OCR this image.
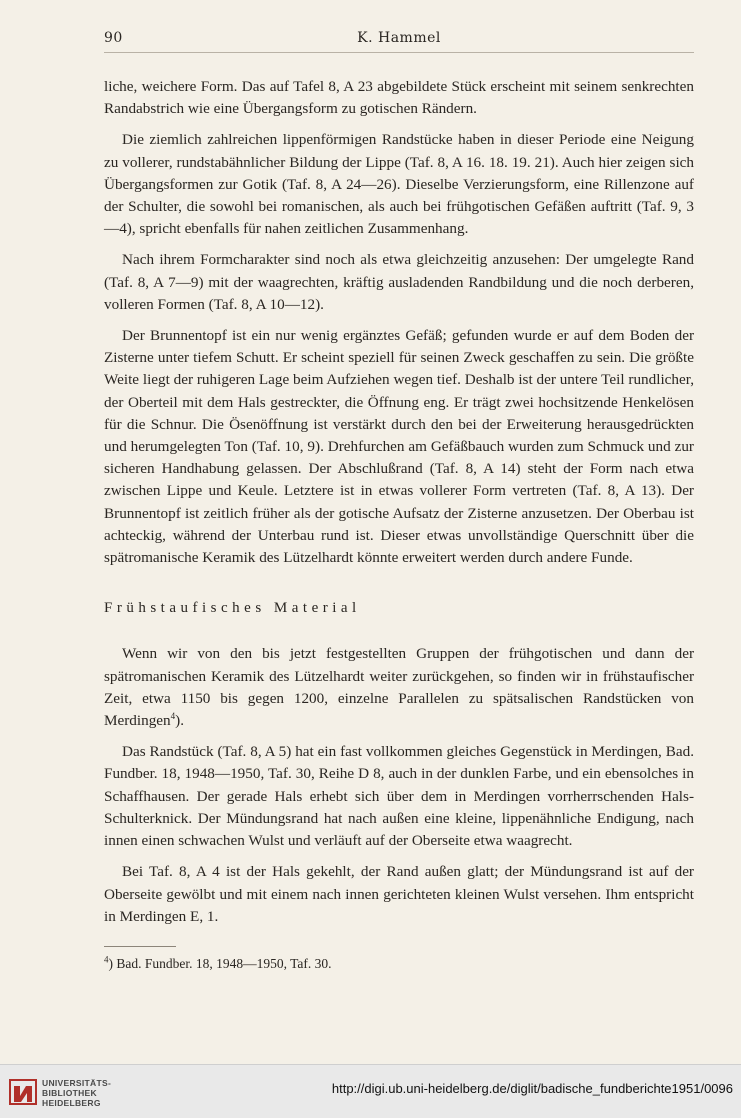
90	K. Hammel

liche, weichere Form. Das auf Tafel 8, A 23 abgebildete Stück erscheint mit seinem senkrechten Randabstrich wie eine Übergangsform zu gotischen Rändern.

Die ziemlich zahlreichen lippenförmigen Randstücke haben in dieser Periode eine Neigung zu vollerer, rundstabähnlicher Bildung der Lippe (Taf. 8, A 16. 18. 19. 21). Auch hier zeigen sich Übergangsformen zur Gotik (Taf. 8, A 24—26). Dieselbe Verzierungsform, eine Rillenzone auf der Schulter, die sowohl bei romanischen, als auch bei frühgotischen Gefäßen auftritt (Taf. 9, 3—4), spricht ebenfalls für nahen zeitlichen Zusammenhang.

Nach ihrem Formcharakter sind noch als etwa gleichzeitig anzusehen: Der umgelegte Rand (Taf. 8, A 7—9) mit der waagrechten, kräftig ausladenden Randbildung und die noch derberen, volleren Formen (Taf. 8, A 10—12).

Der Brunnentopf ist ein nur wenig ergänztes Gefäß; gefunden wurde er auf dem Boden der Zisterne unter tiefem Schutt. Er scheint speziell für seinen Zweck geschaffen zu sein. Die größte Weite liegt der ruhigeren Lage beim Aufziehen wegen tief. Deshalb ist der untere Teil rundlicher, der Oberteil mit dem Hals gestreckter, die Öffnung eng. Er trägt zwei hochsitzende Henkelösen für die Schnur. Die Ösenöffnung ist verstärkt durch den bei der Erweiterung herausgedrückten und herumgelegten Ton (Taf. 10, 9). Drehfurchen am Gefäßbauch wurden zum Schmuck und zur sicheren Handhabung gelassen. Der Abschlußrand (Taf. 8, A 14) steht der Form nach etwa zwischen Lippe und Keule. Letztere ist in etwas vollerer Form vertreten (Taf. 8, A 13). Der Brunnentopf ist zeitlich früher als der gotische Aufsatz der Zisterne anzusetzen. Der Oberbau ist achteckig, während der Unterbau rund ist. Dieser etwas unvollständige Querschnitt über die spätromanische Keramik des Lützelhardt könnte erweitert werden durch andere Funde.

Frühstaufisches Material

Wenn wir von den bis jetzt festgestellten Gruppen der frühgotischen und dann der spätromanischen Keramik des Lützelhardt weiter zurückgehen, so finden wir in frühstaufischer Zeit, etwa 1150 bis gegen 1200, einzelne Parallelen zu spätsalischen Randstücken von Merdingen$^4$).

Das Randstück (Taf. 8, A 5) hat ein fast vollkommen gleiches Gegenstück in Merdingen, Bad. Fundber. 18, 1948—1950, Taf. 30, Reihe D 8, auch in der dunklen Farbe, und ein ebensolches in Schaffhausen. Der gerade Hals erhebt sich über dem in Merdingen vorrherrschenden Hals-Schulterknick. Der Mündungsrand hat nach außen eine kleine, lippenähnliche Endigung, nach innen einen schwachen Wulst und verläuft auf der Oberseite etwa waagrecht.

Bei Taf. 8, A 4 ist der Hals gekehlt, der Rand außen glatt; der Mündungsrand ist auf der Oberseite gewölbt und mit einem nach innen gerichteten kleinen Wulst versehen. Ihm entspricht in Merdingen E, 1.

$^4$) Bad. Fundber. 18, 1948—1950, Taf. 30.

UNIVERSITÄTS-
BIBLIOTHEK
HEIDELBERG
http://digi.ub.uni-heidelberg.de/diglit/badische_fundberichte1951/0096
